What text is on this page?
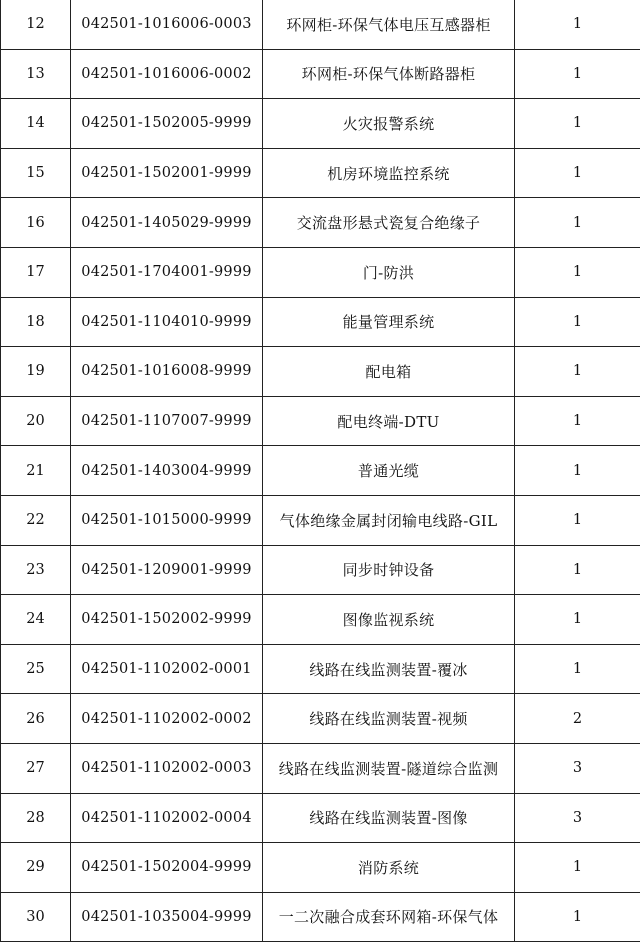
12	042501-1016006-0003	环网柜-环保气体电压互感器柜	1
13	042501-1016006-0002	环网柜-环保气体断路器柜	1
14	042501-1502005-9999	火灾报警系统	1
15	042501-1502001-9999	机房环境监控系统	1
16	042501-1405029-9999	交流盘形悬式瓷复合绝缘子	1
17	042501-1704001-9999	门-防洪	1
18	042501-1104010-9999	能量管理系统	1
19	042501-1016008-9999	配电箱	1
20	042501-1107007-9999	配电终端-DTU	1
21	042501-1403004-9999	普通光缆	1
22	042501-1015000-9999	气体绝缘金属封闭输电线路-GIL	1
23	042501-1209001-9999	同步时钟设备	1
24	042501-1502002-9999	图像监视系统	1
25	042501-1102002-0001	线路在线监测装置-覆冰	1
26	042501-1102002-0002	线路在线监测装置-视频	2
27	042501-1102002-0003	线路在线监测装置-隧道综合监测	3
28	042501-1102002-0004	线路在线监测装置-图像	3
29	042501-1502004-9999	消防系统	1
30	042501-1035004-9999	一二次融合成套环网箱-环保气体	1
